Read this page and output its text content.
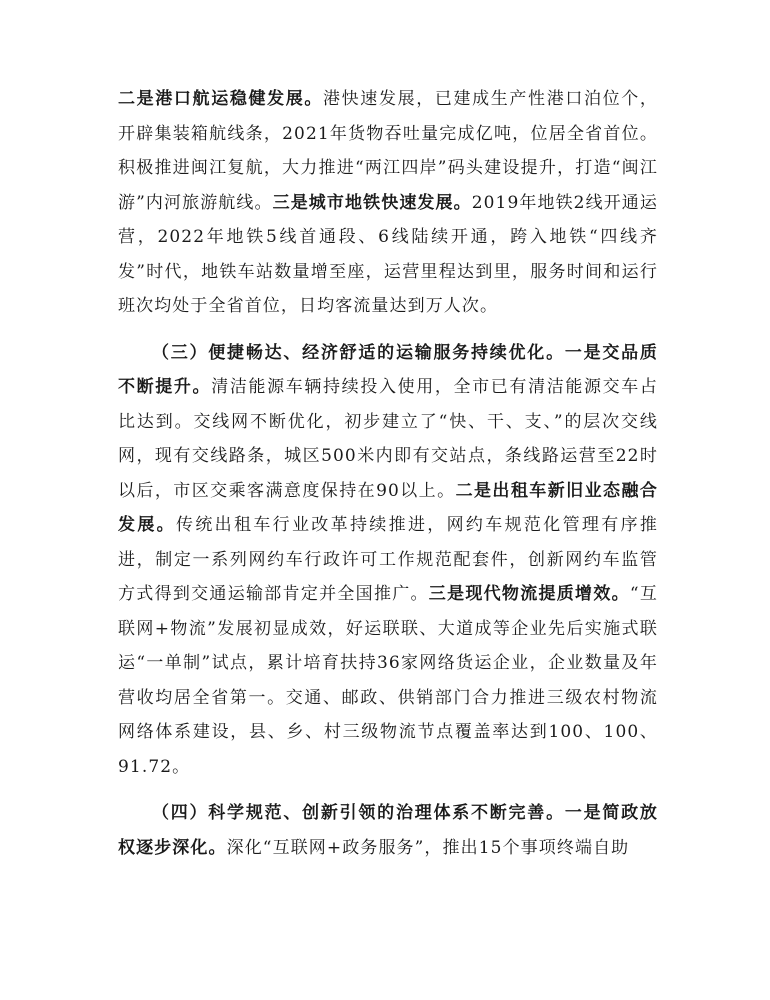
二是港口航运稳健发展。港快速发展，已建成生产性港口泊位个，开辟集装箱航线条，2021年货物吞吐量完成亿吨，位居全省首位。积极推进闽江复航，大力推进“两江四岸”码头建设提升，打造“闽江游”内河旅游航线。三是城市地铁快速发展。2019年地铁2线开通运营，2022年地铁5线首通段、6线陆续开通，跨入地铁“四线齐发”时代，地铁车站数量增至座，运营里程达到里，服务时间和运行班次均处于全省首位，日均客流量达到万人次。

（三）便捷畅达、经济舒适的运输服务持续优化。一是交品质不断提升。清洁能源车辆持续投入使用，全市已有清洁能源交车占比达到。交线网不断优化，初步建立了“快、干、支、”的层次交线网，现有交线路条，城区500米内即有交站点，条线路运营至22时以后，市区交乘客满意度保持在90以上。二是出租车新旧业态融合发展。传统出租车行业改革持续推进，网约车规范化管理有序推进，制定一系列网约车行政许可工作规范配套件，创新网约车监管方式得到交通运输部肯定并全国推广。三是现代物流提质增效。“互联网+物流”发展初显成效，好运联联、大道成等企业先后实施式联运“一单制”试点，累计培育扶持36家网络货运企业，企业数量及年营收均居全省第一。交通、邮政、供销部门合力推进三级农村物流网络体系建设，县、乡、村三级物流节点覆盖率达到100、100、91.72。

（四）科学规范、创新引领的治理体系不断完善。一是简政放权逐步深化。深化“互联网+政务服务”，推出15个事项终端自助
